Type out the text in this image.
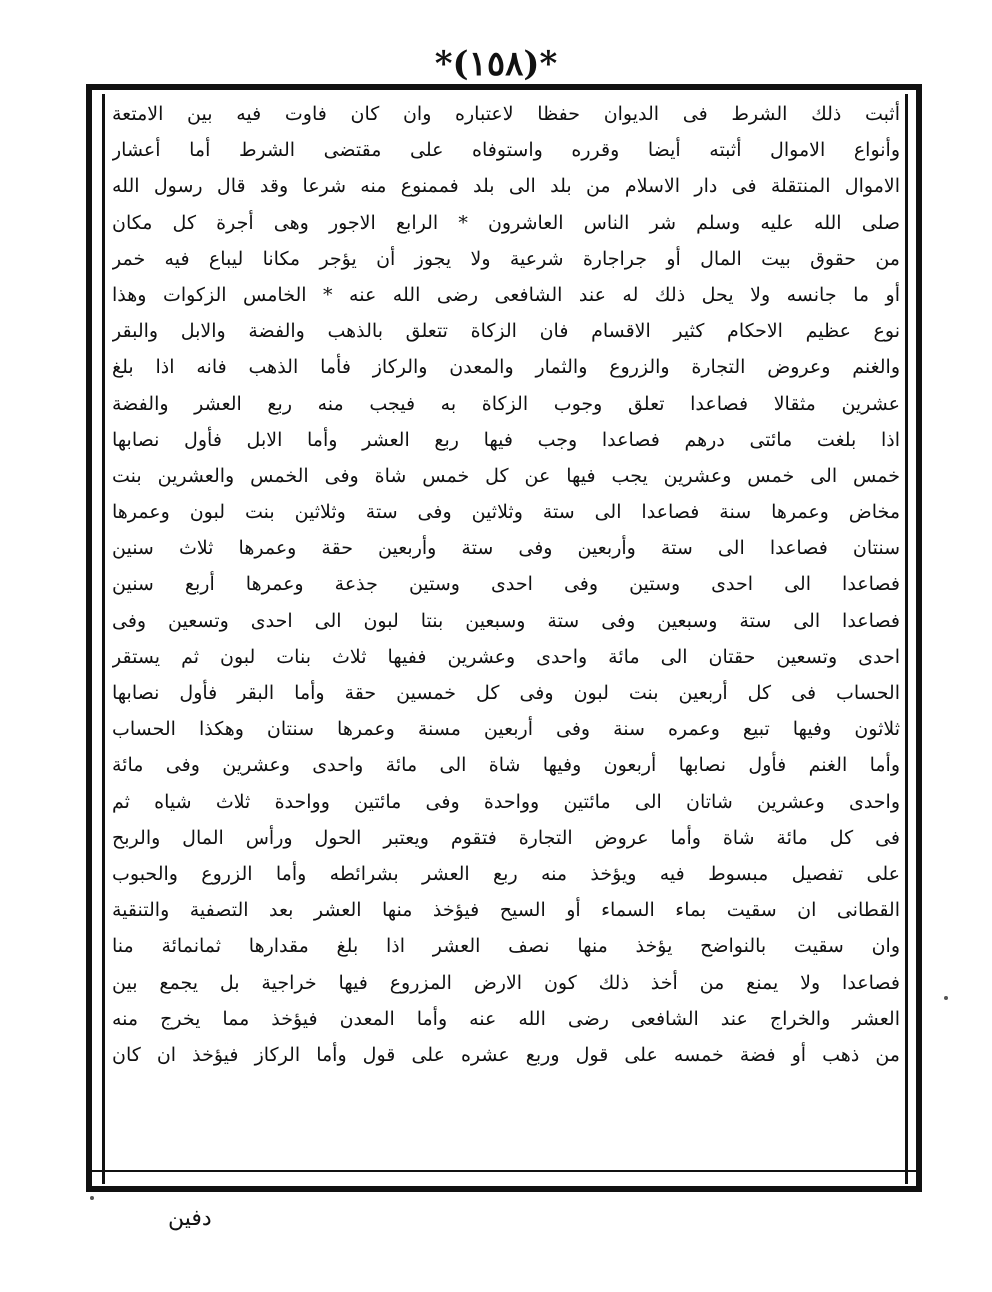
*(١٥٨)*
أثبت ذلك الشرط فى الديوان حفظا لاعتباره وان كان فاوت فيه بين الامتعة
وأنواع الاموال أثبته أيضا وقرره واستوفاه على مقتضى الشرط أما أعشار
الاموال المنتقلة فى دار الاسلام من بلد الى بلد فممنوع منه شرعا وقد قال رسول الله
صلى الله عليه وسلم شر الناس العاشرون * الرابع الاجور وهى أجرة كل مكان
من حقوق بيت المال أو جراجارة شرعية ولا يجوز أن يؤجر مكانا ليباع فيه خمر
أو ما جانسه ولا يحل ذلك له عند الشافعى رضى الله عنه * الخامس الزكوات وهذا
نوع عظيم الاحكام كثير الاقسام فان الزكاة تتعلق بالذهب والفضة والابل والبقر
والغنم وعروض التجارة والزروع والثمار والمعدن والركاز فأما الذهب فانه اذا بلغ
عشرين مثقالا فصاعدا تعلق وجوب الزكاة به فيجب منه ربع العشر والفضة
اذا بلغت مائتى درهم فصاعدا وجب فيها ربع العشر وأما الابل فأول نصابها
خمس الى خمس وعشرين يجب فيها عن كل خمس شاة وفى الخمس والعشرين بنت
مخاض وعمرها سنة فصاعدا الى ستة وثلاثين وفى ستة وثلاثين بنت لبون وعمرها
سنتان فصاعدا الى ستة وأربعين وفى ستة وأربعين حقة وعمرها ثلاث سنين
فصاعدا الى احدى وستين وفى احدى وستين جذعة وعمرها أربع سنين
فصاعدا الى ستة وسبعين وفى ستة وسبعين بنتا لبون الى احدى وتسعين وفى
احدى وتسعين حقتان الى مائة واحدى وعشرين ففيها ثلاث بنات لبون ثم يستقر
الحساب فى كل أربعين بنت لبون وفى كل خمسين حقة وأما البقر فأول نصابها
ثلاثون وفيها تبيع وعمره سنة وفى أربعين مسنة وعمرها سنتان وهكذا الحساب
وأما الغنم فأول نصابها أربعون وفيها شاة الى مائة واحدى وعشرين وفى مائة
واحدى وعشرين شاتان الى مائتين وواحدة وفى مائتين وواحدة ثلاث شياه ثم
فى كل مائة شاة وأما عروض التجارة فتقوم ويعتبر الحول ورأس المال والربح
على تفصيل مبسوط فيه ويؤخذ منه ربع العشر بشرائطه وأما الزروع والحبوب
القطانى ان سقيت بماء السماء أو السيح فيؤخذ منها العشر بعد التصفية والتنقية
وان سقيت بالنواضح يؤخذ منها نصف العشر اذا بلغ مقدارها ثمانمائة منا
فصاعدا ولا يمنع من أخذ ذلك كون الارض المزروع فيها خراجية بل يجمع بين
العشر والخراج عند الشافعى رضى الله عنه وأما المعدن فيؤخذ مما يخرج منه
من ذهب أو فضة خمسه على قول وربع عشره على قول وأما الركاز فيؤخذ ان كان
دفين
